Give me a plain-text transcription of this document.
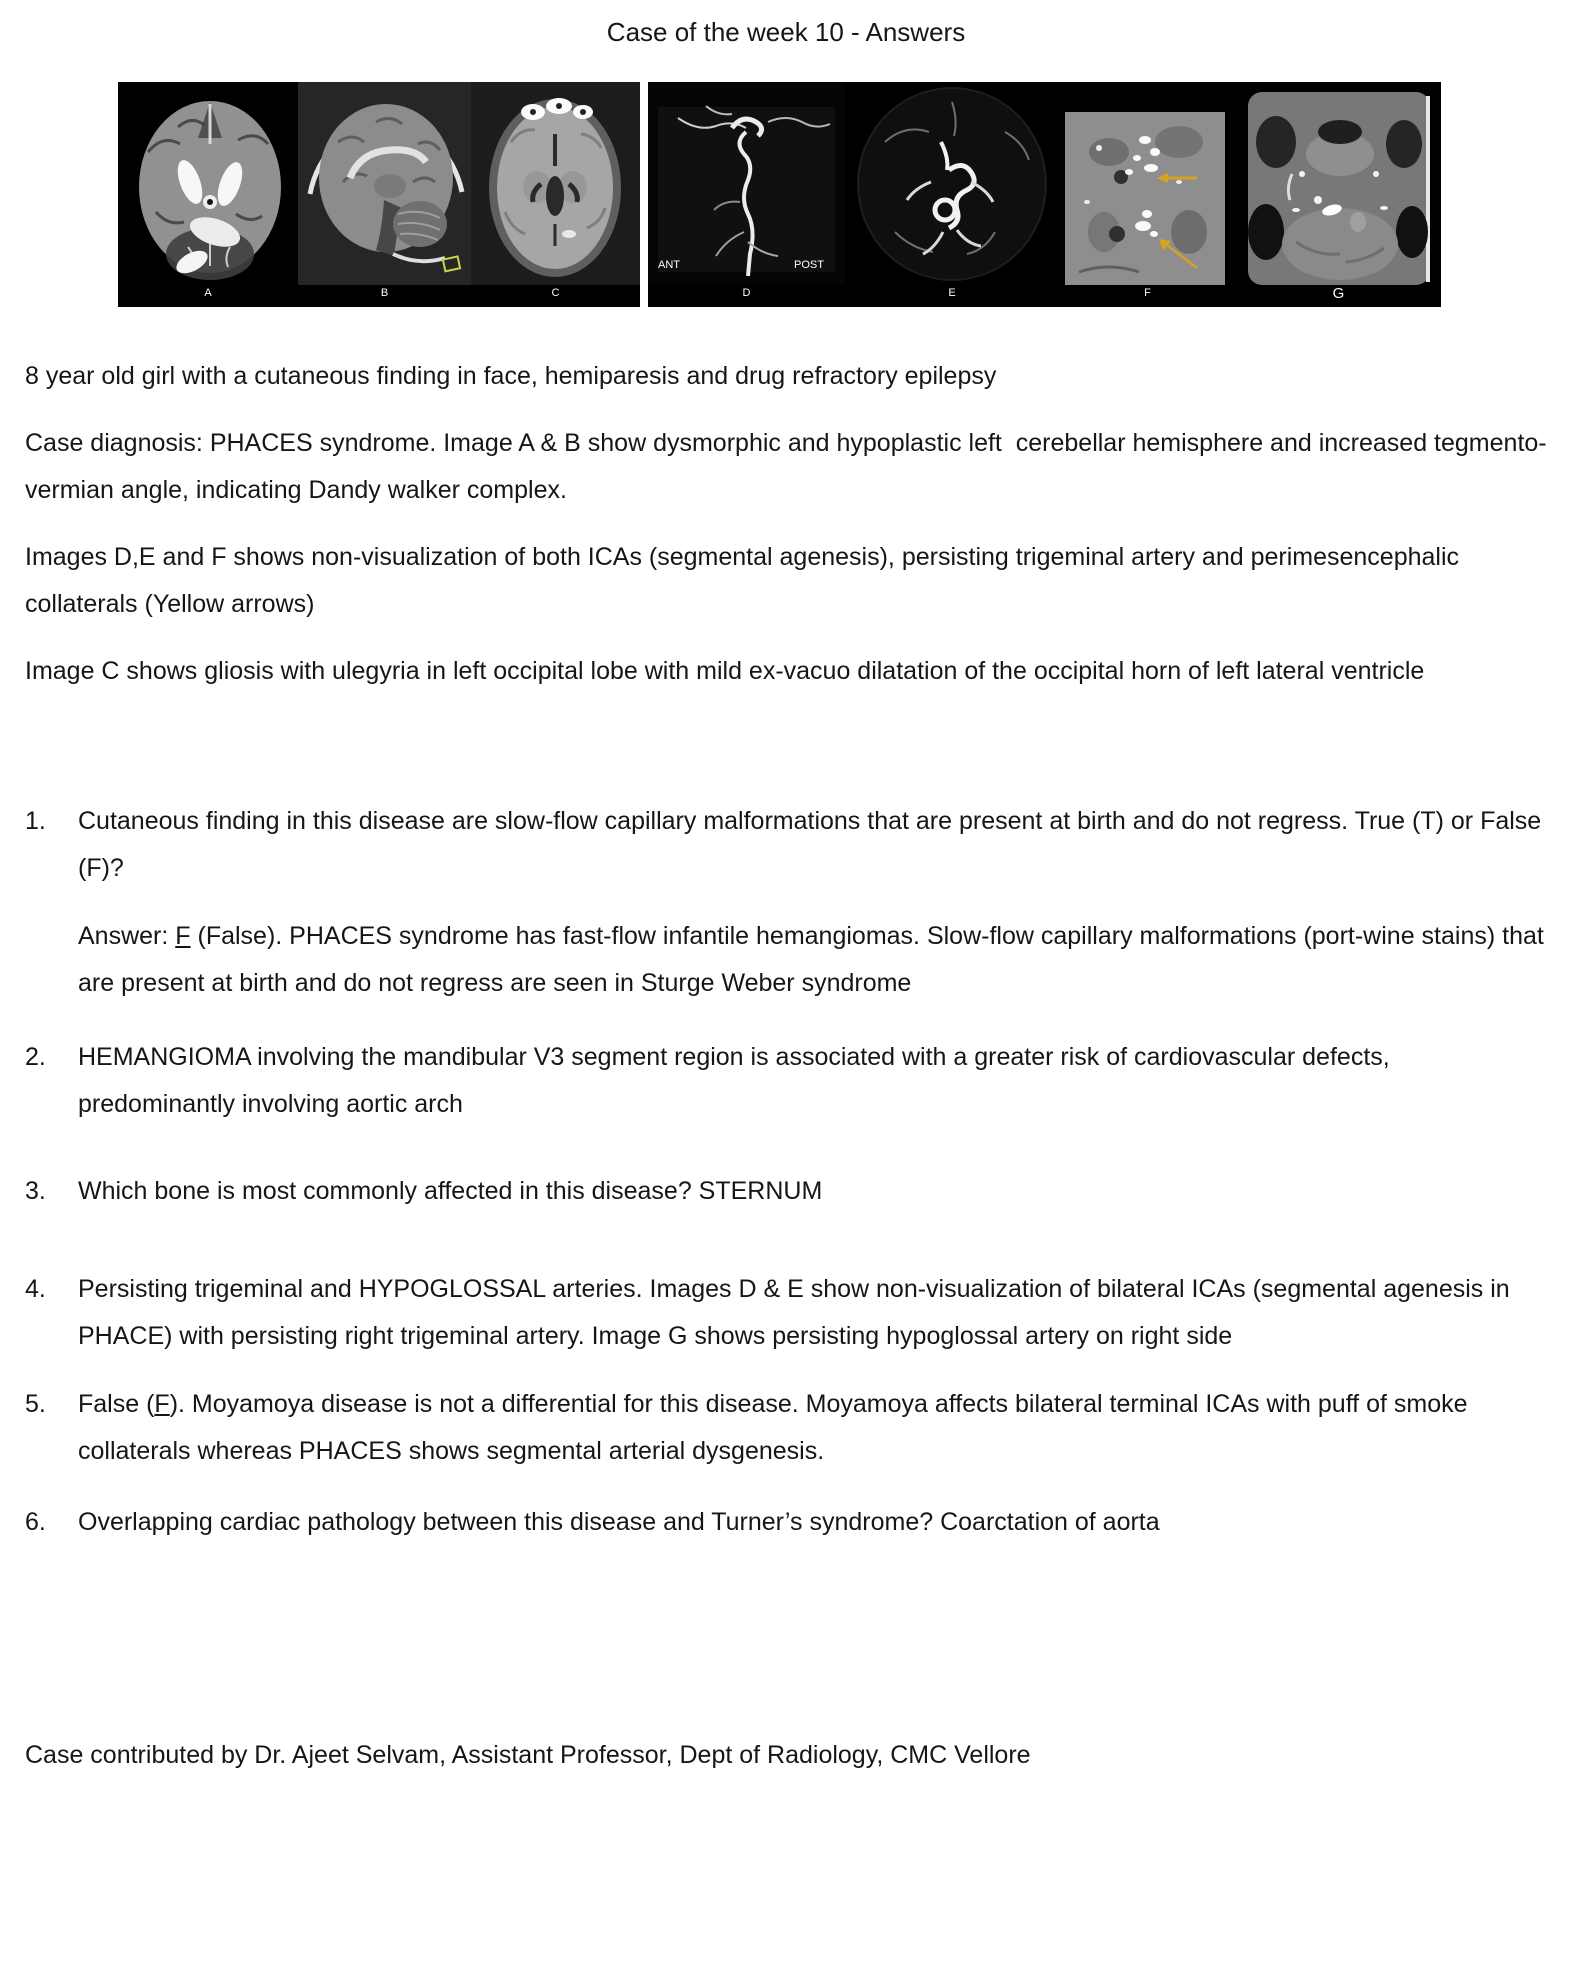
Case of the week 10 - Answers
A	B	C
ANT	POST
D	E	F	G

8 year old girl with a cutaneous finding in face, hemiparesis and drug refractory epilepsy

Case diagnosis: PHACES syndrome. Image A & B show dysmorphic and hypoplastic left  cerebellar hemisphere and increased tegmento-vermian angle, indicating Dandy walker complex.

Images D,E and F shows non-visualization of both ICAs (segmental agenesis), persisting trigeminal artery and perimesencephalic collaterals (Yellow arrows)

Image C shows gliosis with ulegyria in left occipital lobe with mild ex-vacuo dilatation of the occipital horn of left lateral ventricle

1.	Cutaneous finding in this disease are slow-flow capillary malformations that are present at birth and do not regress. True (T) or False (F)?
Answer: F (False). PHACES syndrome has fast-flow infantile hemangiomas. Slow-flow capillary malformations (port-wine stains) that are present at birth and do not regress are seen in Sturge Weber syndrome
2.	HEMANGIOMA involving the mandibular V3 segment region is associated with a greater risk of cardiovascular defects, predominantly involving aortic arch
3.	Which bone is most commonly affected in this disease? STERNUM
4.	Persisting trigeminal and HYPOGLOSSAL arteries. Images D & E show non-visualization of bilateral ICAs (segmental agenesis in PHACE) with persisting right trigeminal artery. Image G shows persisting hypoglossal artery on right side
5.	False (F). Moyamoya disease is not a differential for this disease. Moyamoya affects bilateral terminal ICAs with puff of smoke collaterals whereas PHACES shows segmental arterial dysgenesis.
6.	Overlapping cardiac pathology between this disease and Turner’s syndrome? Coarctation of aorta
Case contributed by Dr. Ajeet Selvam, Assistant Professor, Dept of Radiology, CMC Vellore
